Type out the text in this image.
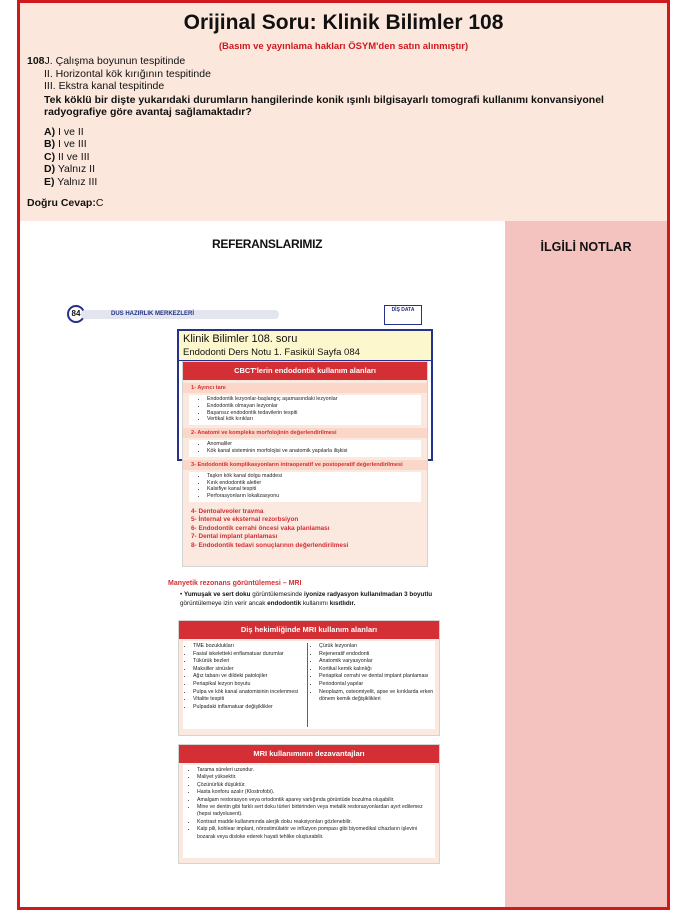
Orijinal Soru: Klinik Bilimler 108
(Basım ve yayınlama hakları ÖSYM'den satın alınmıştır)
108J. Çalışma boyunun tespitinde
II. Horizontal kök kırığının tespitinde
III. Ekstra kanal tespitinde
Tek köklü bir dişte yukarıdaki durumların hangilerinde konik ışınlı bilgisayarlı tomografi kullanımı konvansiyonel radyografiye göre avantaj sağlamaktadır?
A) I ve II
B) I ve III
C) II ve III
D) Yalnız II
E) Yalnız III
Doğru Cevap:C
REFERANSLARIMIZ
84	DUS HAZIRLIK MERKEZLERİ
DİŞ DATA
Klinik Bilimler 108. soru
Endodonti Ders Notu 1. Fasikül Sayfa 084
CBCT'lerin endodontik kullanım alanları
1- Ayırıcı tanı
• Endodontik lezyonlar-başlangıç aşamasındaki lezyonlar
• Endodontik olmayan lezyonlar
• Başarısız endodontik tedavilerin tespiti
• Vertikal kök kırıkları
2- Anatomi ve kompleks morfolojinin değerlendirilmesi
• Anomaliler
• Kök kanal sisteminin morfolojisi ve anatomik yapılarla ilişkisi
3- Endodontik komplikasyonların intraoperatif ve postoperatif değerlendirilmesi
• Taşkın kök kanal dolgu maddesi
• Kırık endodontik aletler
• Kalsifiye kanal tespiti
• Perforasyonların lokalizasyonu
4- Dentoalveoler travma
5- İnternal ve eksternal rezorbsiyon
6- Endodontik cerrahi öncesi vaka planlaması
7- Dental implant planlaması
8- Endodontik tedavi sonuçlarının değerlendirilmesi
Manyetik rezonans görüntülemesi – MRI
• Yumuşak ve sert doku görüntülemesinde iyonize radyasyon kullanılmadan 3 boyutlu görüntülemeye izin verir ancak endodontik kullanımı kısıtlıdır.
Diş hekimliğinde MRI kullanım alanları
• TME bozuklukları
• Fasial iskeletteki enflamatuar durumlar
• Tükürük bezleri
• Maksiller sinüsler
• Ağız tabanı ve dildeki patolojiler
• Periapikal lezyon boyutu
• Pulpa ve kök kanal anatomisinin incelenmesi
• Vitalite tespiti
• Pulpadaki inflamatuar değişiklikler
• Çürük lezyonları
• Rejeneratif endodonti
• Anatomik varyasyonlar
• Kortikal kemik kalınlığı
• Periapikal cerrahi ve dental implant planlaması
• Periodontal yapılar
• Neoplazm, osteomiyelit, apse ve kırıklarda erken dönem kemik değişiklikleri
MRI kullanımının dezavantajları
• Tarama süreleri uzundur.
• Maliyet yüksektir.
• Çözünürlük düşüktür.
• Hasta konforu azalır (Klostrofobi).
• Amalgam restorasyon veya ortodontik aparey varlığında görüntüde bozulma oluşabilir.
• Mine ve dentin gibi farklı sert doku türleri birbirinden veya metalik restorasyonlardan ayırt edilemez (hepsi radyolusent).
• Kontrast madde kullanımında alerjik doku reaksiyonları gözlenebilir.
• Kalp pili, kohlear implant, nörostimülatör ve infüzyon pompası gibi biyomedikal cihazların işlevini bozarak veya disloke ederek hayati tehlike oluşturabilir.
İLGİLİ NOTLAR
